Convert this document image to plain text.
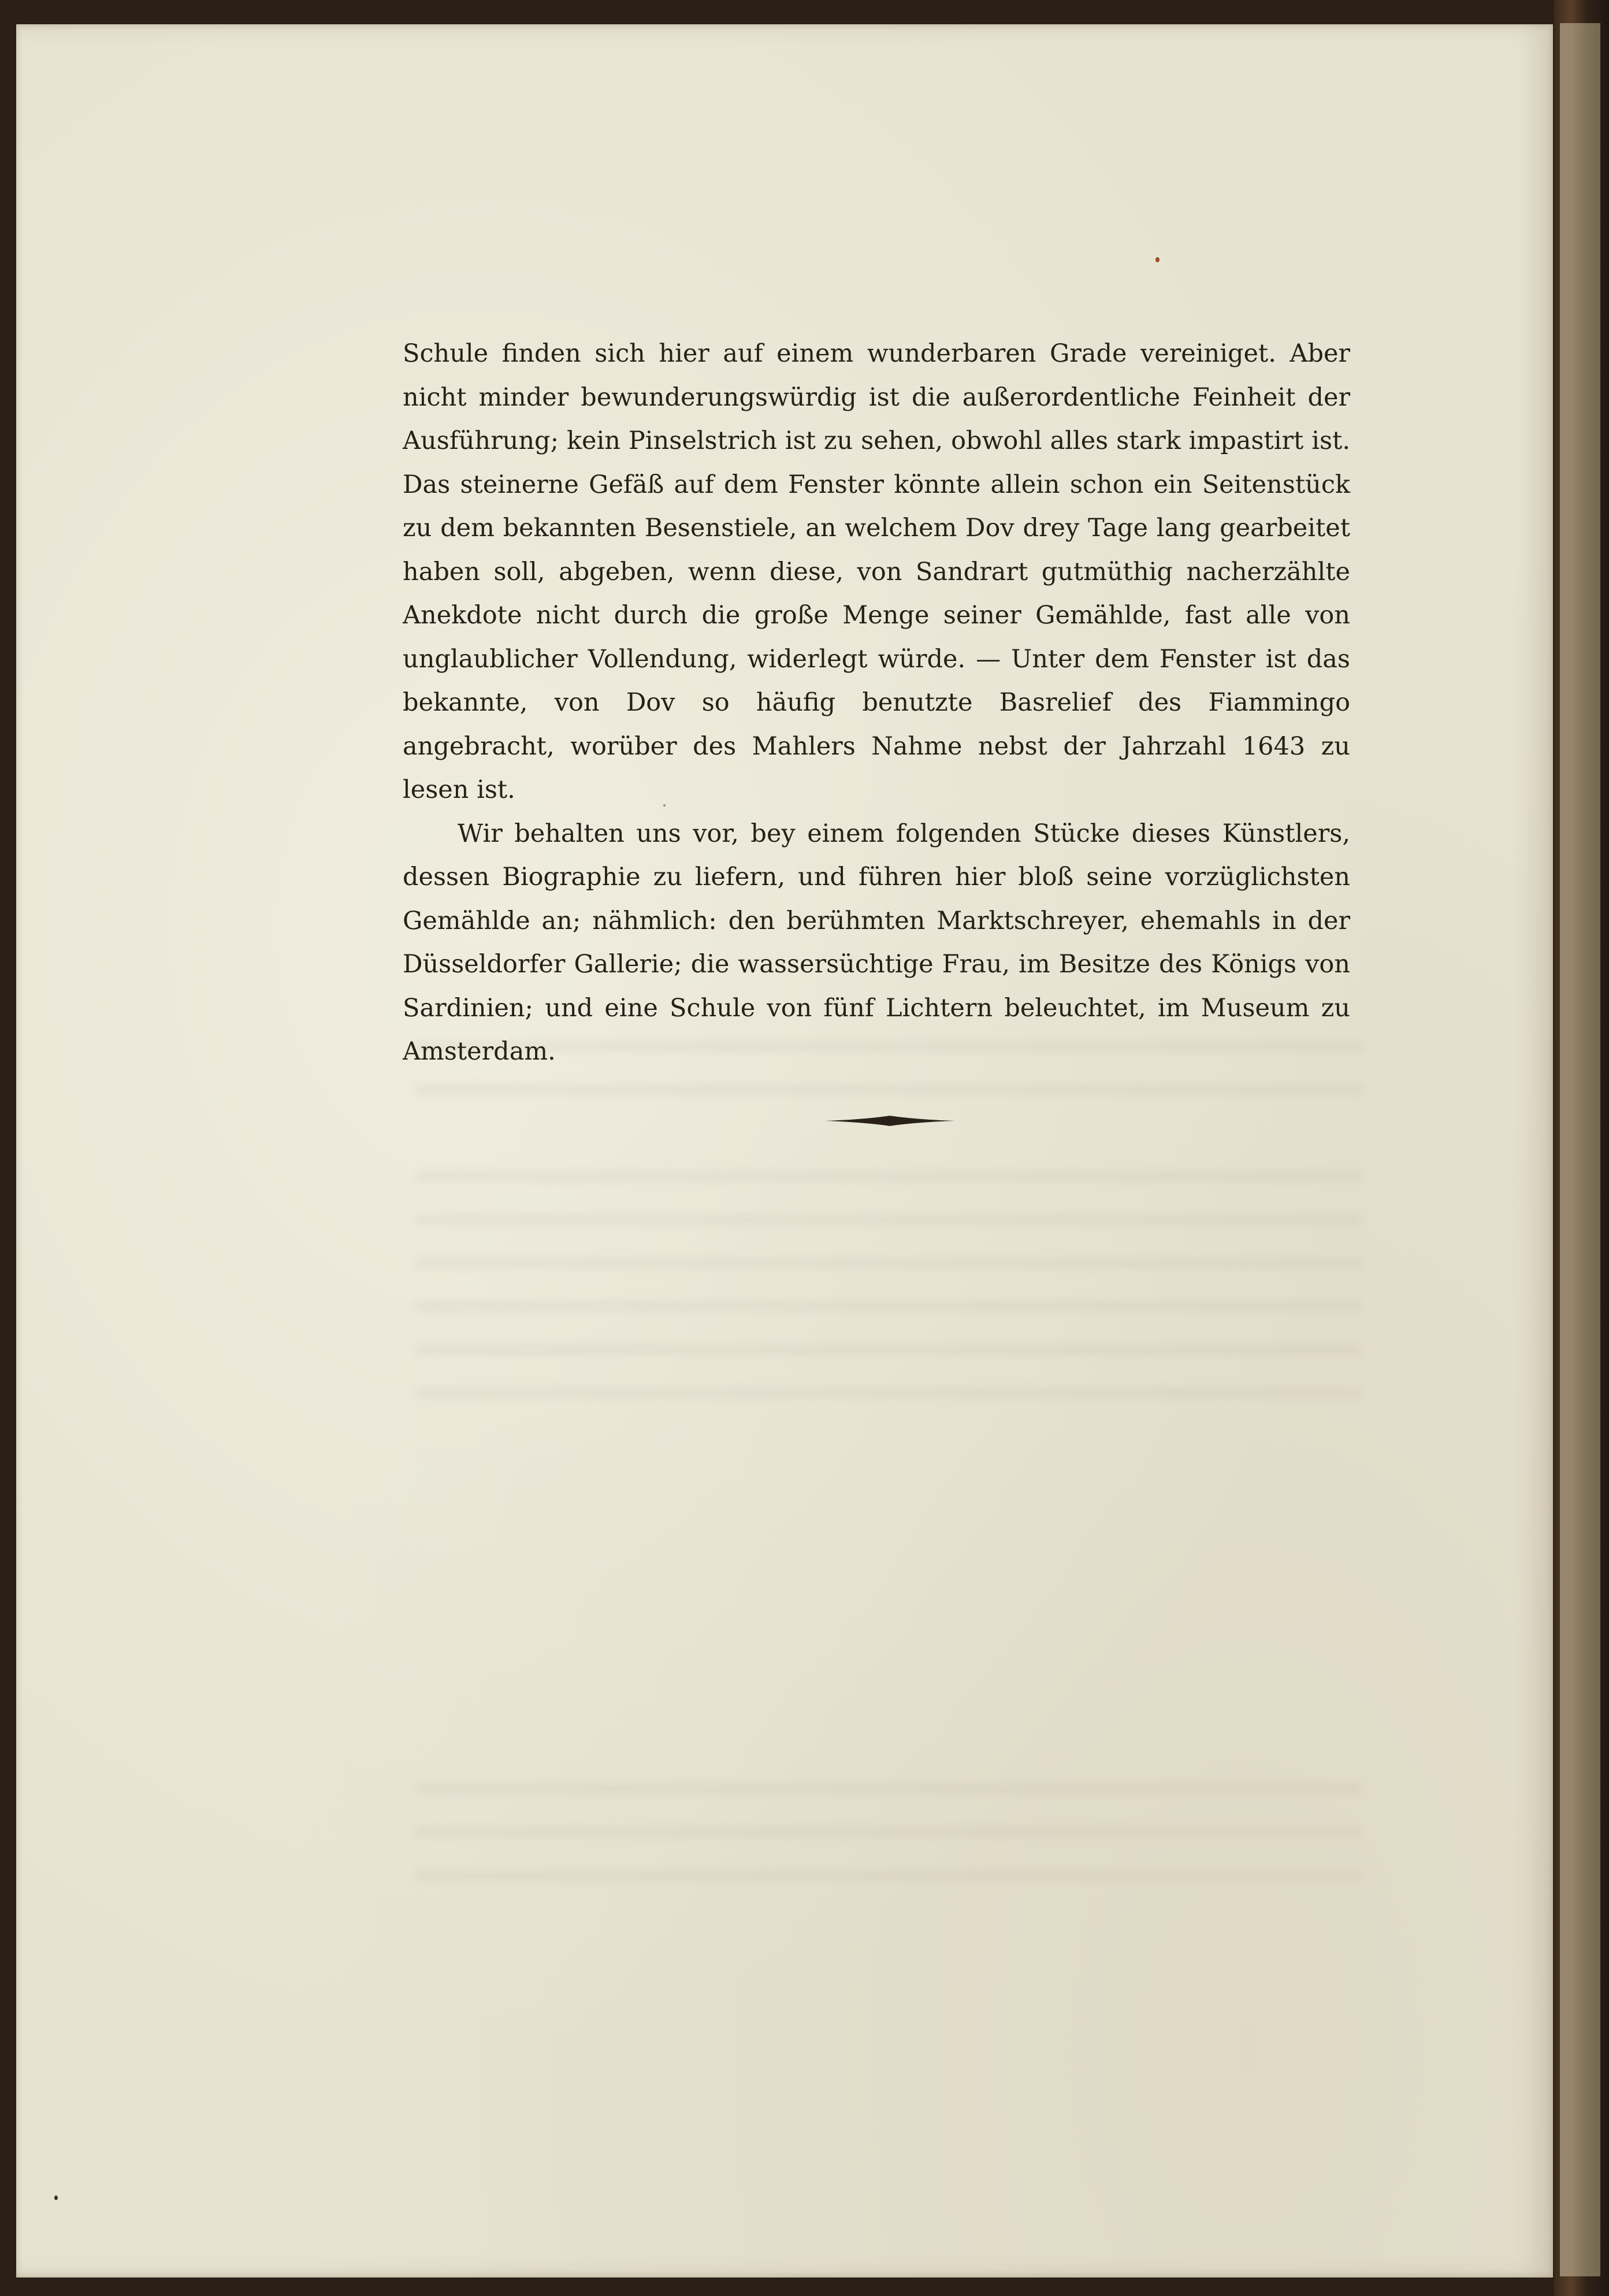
Schule finden sich hier auf einem wunderbaren Grade vereiniget. Aber nicht minder bewunderungswürdig ist die außerordentliche Feinheit der Ausführung; kein Pinselstrich ist zu sehen, obwohl alles stark impastirt ist. Das steinerne Gefäß auf dem Fenster könnte allein schon ein Seitenstück zu dem bekannten Besenstiele, an welchem Dov drey Tage lang gearbeitet haben soll, abgeben, wenn diese, von Sandrart gutmüthig nacherzählte Anekdote nicht durch die große Menge seiner Gemählde, fast alle von unglaublicher Vollendung, widerlegt würde. — Unter dem Fenster ist das bekannte, von Dov so häufig benutzte Basrelief des Fiammingo angebracht, worüber des Mahlers Nahme nebst der Jahrzahl 1643 zu lesen ist.

Wir behalten uns vor, bey einem folgenden Stücke dieses Künstlers, dessen Biographie zu liefern, und führen hier bloß seine vorzüglichsten Gemählde an; nähmlich: den berühmten Marktschreyer, ehemahls in der Düsseldorfer Gallerie; die wassersüchtige Frau, im Besitze des Königs von Sardinien; und eine Schule von fünf Lichtern beleuchtet, im Museum zu Amsterdam.
